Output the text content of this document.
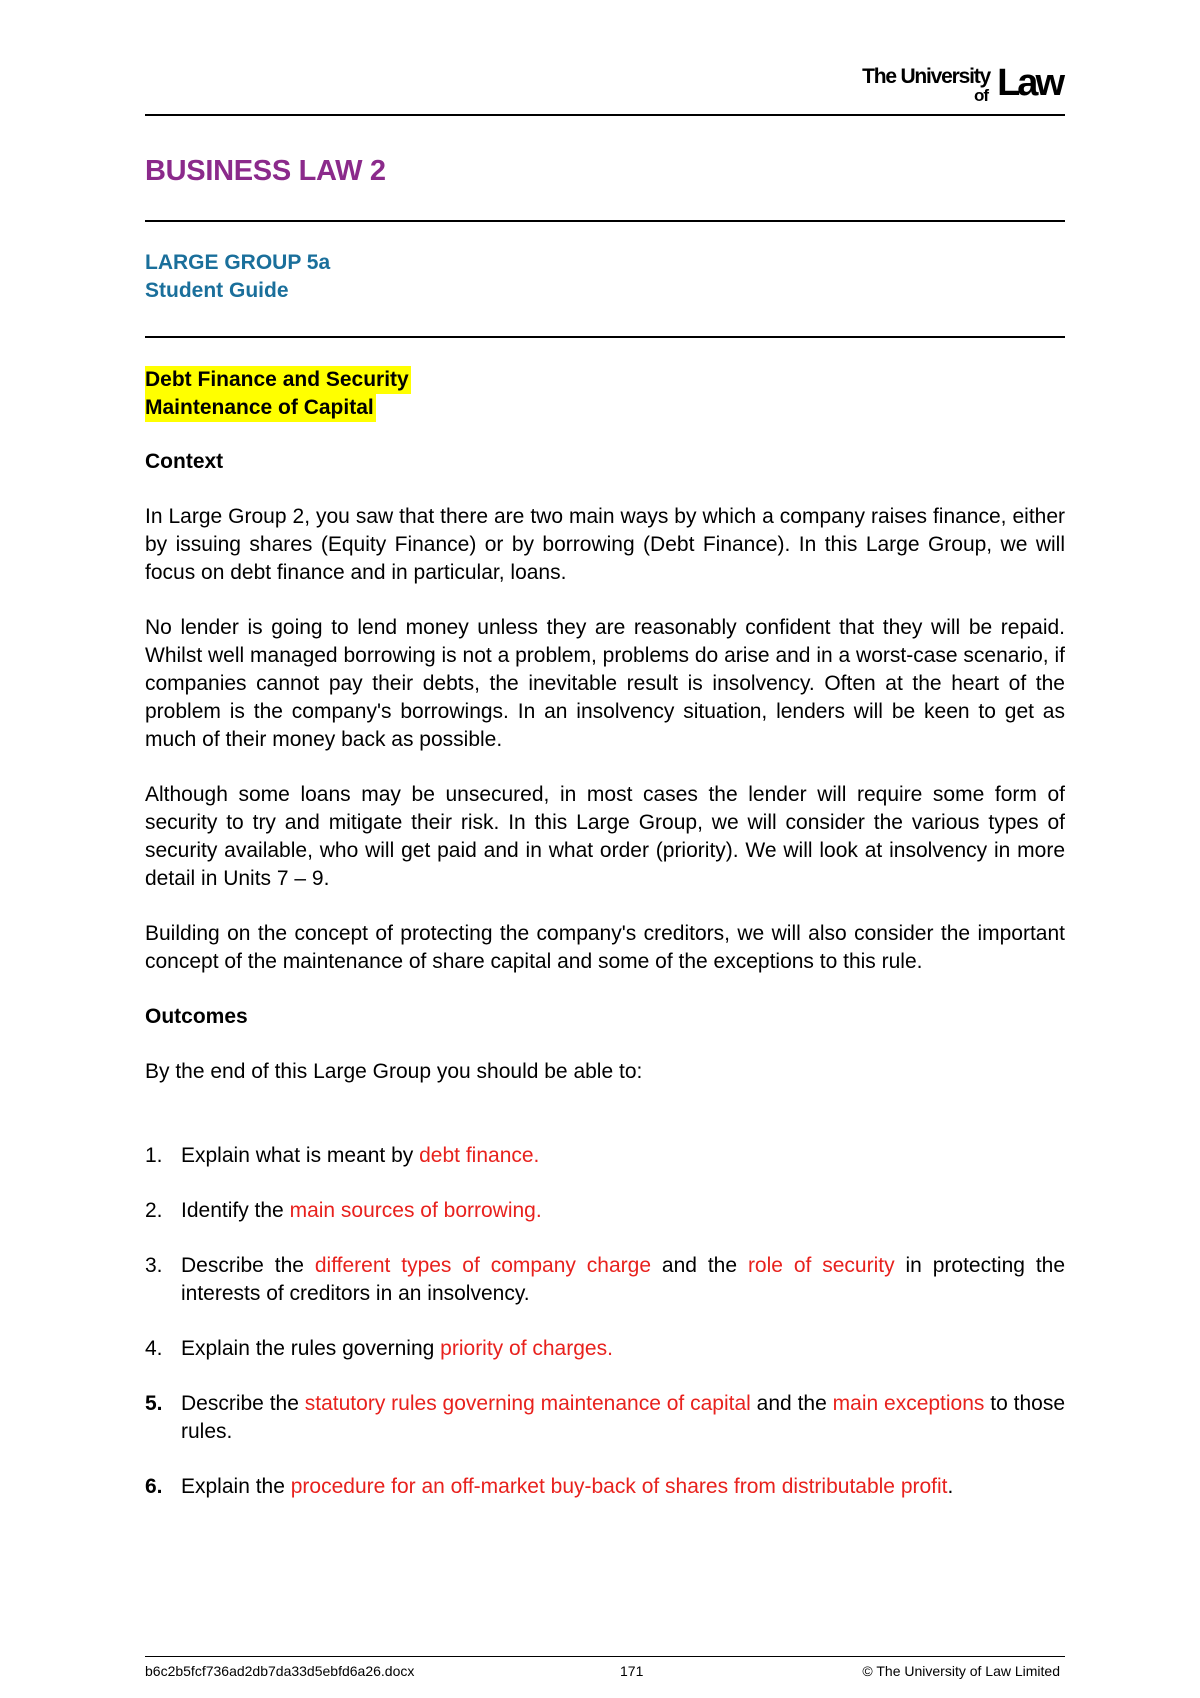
The University
of Law
BUSINESS LAW 2
LARGE GROUP 5a
Student Guide
Debt Finance and Security
Maintenance of Capital
Context

In Large Group 2, you saw that there are two main ways by which a company raises finance, either by issuing shares (Equity Finance) or by borrowing (Debt Finance). In this Large Group, we will focus on debt finance and in particular, loans.

No lender is going to lend money unless they are reasonably confident that they will be repaid. Whilst well managed borrowing is not a problem, problems do arise and in a worst-case scenario, if companies cannot pay their debts, the inevitable result is insolvency. Often at the heart of the problem is the company's borrowings. In an insolvency situation, lenders will be keen to get as much of their money back as possible.

Although some loans may be unsecured, in most cases the lender will require some form of security to try and mitigate their risk. In this Large Group, we will consider the various types of security available, who will get paid and in what order (priority). We will look at insolvency in more detail in Units 7 – 9.

Building on the concept of protecting the company's creditors, we will also consider the important concept of the maintenance of share capital and some of the exceptions to this rule.

Outcomes

By the end of this Large Group you should be able to:

1. Explain what is meant by debt finance.
2. Identify the main sources of borrowing.
3. Describe the different types of company charge and the role of security in protecting the interests of creditors in an insolvency.
4. Explain the rules governing priority of charges.
5. Describe the statutory rules governing maintenance of capital and the main exceptions to those rules.
6. Explain the procedure for an off-market buy-back of shares from distributable profit.
b6c2b5fcf736ad2db7da33d5ebfd6a26.docx	171	© The University of Law Limited
